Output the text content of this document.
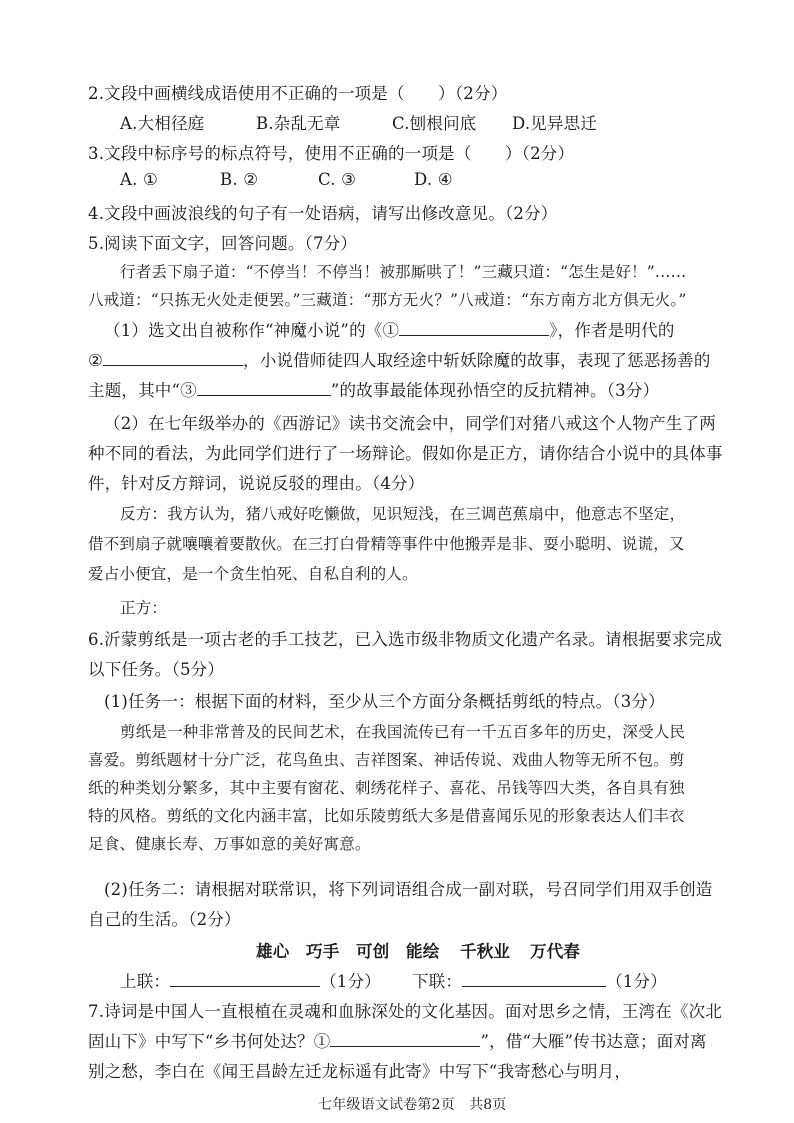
2.文段中画横线成语使用不正确的一项是（　　）（2分）
A.大相径庭	B.杂乱无章	C.刨根问底 D.见异思迁
3.文段中标序号的标点符号，使用不正确的一项是（　　）（2分）
A. ①	B. ②	C. ③	D. ④
4.文段中画波浪线的句子有一处语病，请写出修改意见。（2分）
5.阅读下面文字，回答问题。（7分）
行者丢下扇子道：“不停当！不停当！被那厮哄了！”三藏只道：“怎生是好！”……
八戒道：“只拣无火处走便罢。”三藏道：“那方无火？”八戒道：“东方南方北方俱无火。”
（1）选文出自被称作“神魔小说”的《①	》，作者是明代的
②	，小说借师徒四人取经途中斩妖除魔的故事，表现了惩恶扬善的
主题，其中“③	”的故事最能体现孙悟空的反抗精神。（3分）
（2）在七年级举办的《西游记》读书交流会中，同学们对猪八戒这个人物产生了两
种不同的看法，为此同学们进行了一场辩论。假如你是正方，请你结合小说中的具体事
件，针对反方辩词，说说反驳的理由。（4分）
反方：我方认为，猪八戒好吃懒做，见识短浅，在三调芭蕉扇中，他意志不坚定，
借不到扇子就嚷嚷着要散伙。在三打白骨精等事件中他搬弄是非、耍小聪明、说谎，又
爱占小便宜，是一个贪生怕死、自私自利的人。
正方：
6.沂蒙剪纸是一项古老的手工技艺，已入选市级非物质文化遗产名录。请根据要求完成
以下任务。（5分）
(1)任务一：根据下面的材料，至少从三个方面分条概括剪纸的特点。（3分）
剪纸是一种非常普及的民间艺术，在我国流传已有一千五百多年的历史，深受人民
喜爱。剪纸题材十分广泛，花鸟鱼虫、吉祥图案、神话传说、戏曲人物等无所不包。剪
纸的种类划分繁多，其中主要有窗花、刺绣花样子、喜花、吊钱等四大类，各自具有独
特的风格。剪纸的文化内涵丰富，比如乐陵剪纸大多是借喜闻乐见的形象表达人们丰衣
足食、健康长寿、万事如意的美好寓意。
(2)任务二：请根据对联常识，将下列词语组合成一副对联，号召同学们用双手创造
自己的生活。（2分）
雄心 巧手 可创 能绘 千秋业 万代春
上联：	（1分） 下联：	（1分）
7.诗词是中国人一直根植在灵魂和血脉深处的文化基因。面对思乡之情，王湾在《次北
固山下》中写下“乡书何处达？①	”，借“大雁”传书达意；面对离
别之愁，李白在《闻王昌龄左迁龙标遥有此寄》中写下“我寄愁心与明月，
七年级语文试卷第2页　共8页
